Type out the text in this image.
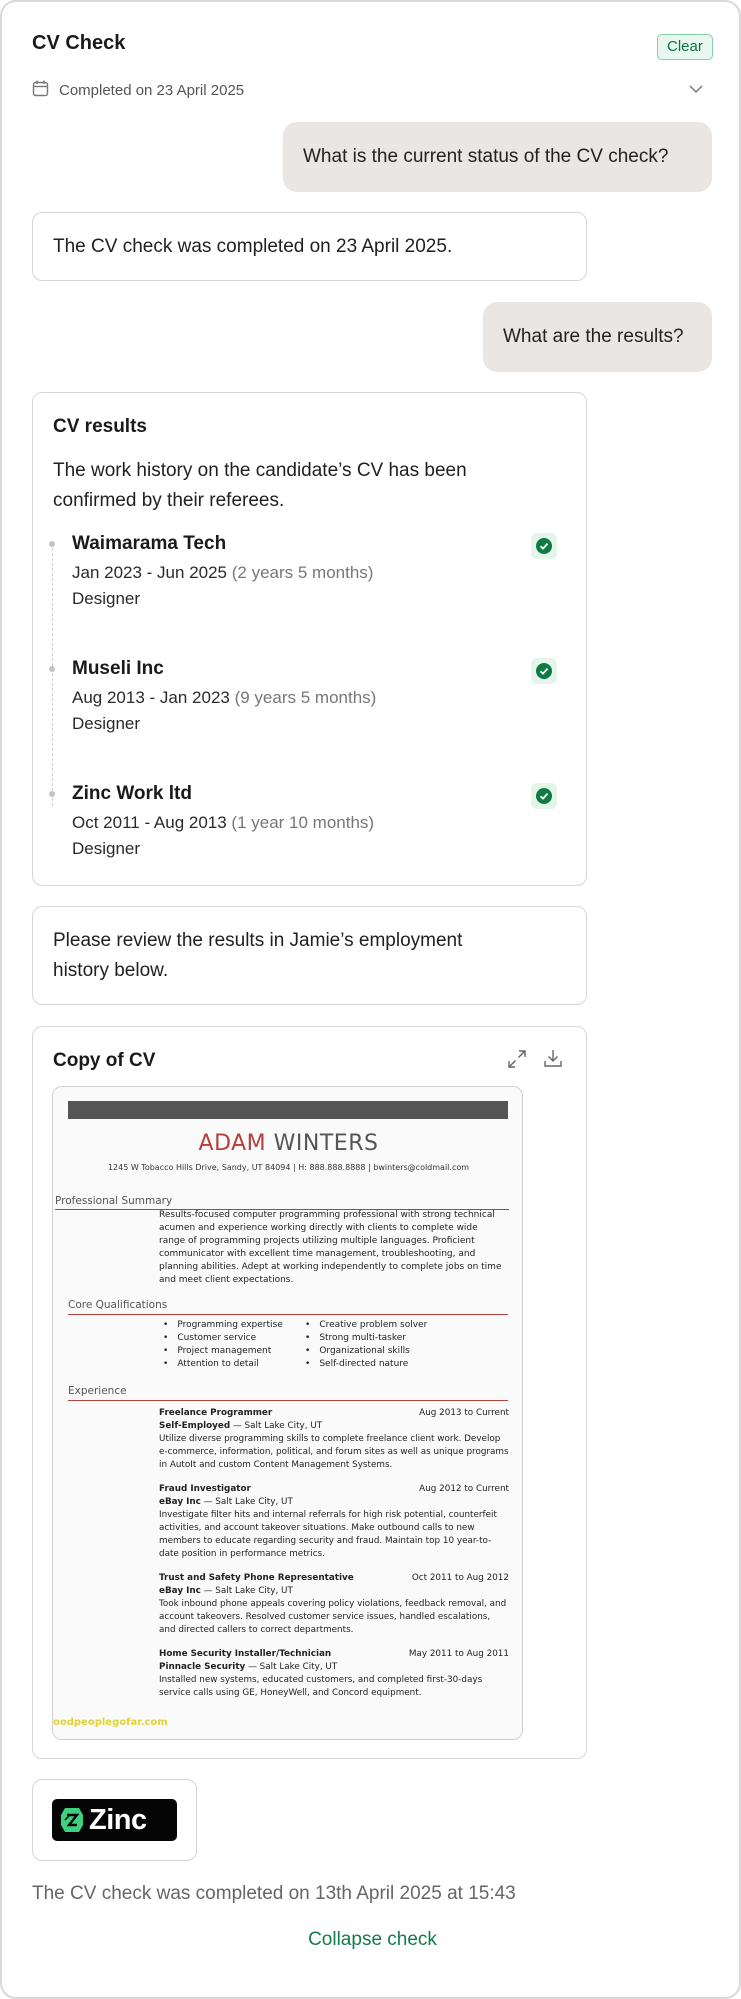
CV Check	Clear
Completed on 23 April 2025
What is the current status of the CV check?
The CV check was completed on 23 April 2025.
What are the results?
CV results
The work history on the candidate’s CV has been confirmed by their referees.
Waimarama Tech
Jan 2023 - Jun 2025 (2 years 5 months)
Designer
Museli Inc
Aug 2013 - Jan 2023 (9 years 5 months)
Designer
Zinc Work ltd
Oct 2011 - Aug 2013 (1 year 10 months)
Designer
Please review the results in Jamie’s employment history below.
Copy of CV
ADAM WINTERS
1245 W Tobacco Hills Drive, Sandy, UT 84094 | H: 888.888.8888 | bwinters@coldmail.com
Professional Summary
Results-focused computer programming professional with strong technical acumen and experience working directly with clients to complete wide range of programming projects utilizing multiple languages. Proficient communicator with excellent time management, troubleshooting, and planning abilities. Adept at working independently to complete jobs on time and meet client expectations.
Core Qualifications
• Programming expertise	• Creative problem solver
• Customer service	• Strong multi-tasker
• Project management	• Organizational skills
• Attention to detail	• Self-directed nature
Experience
Freelance Programmer	Aug 2013 to Current
Self-Employed — Salt Lake City, UT
Utilize diverse programming skills to complete freelance client work. Develop e-commerce, information, political, and forum sites as well as unique programs in AutoIt and custom Content Management Systems.
Fraud Investigator	Aug 2012 to Current
eBay Inc — Salt Lake City, UT
Investigate filter hits and internal referrals for high risk potential, counterfeit activities, and account takeover situations. Make outbound calls to new members to educate regarding security and fraud. Maintain top 10 year-to-date position in performance metrics.
Trust and Safety Phone Representative	Oct 2011 to Aug 2012
eBay Inc — Salt Lake City, UT
Took inbound phone appeals covering policy violations, feedback removal, and account takeovers. Resolved customer service issues, handled escalations, and directed callers to correct departments.
Home Security Installer/Technician	May 2011 to Aug 2011
Pinnacle Security — Salt Lake City, UT
Installed new systems, educated customers, and completed first-30-days service calls using GE, HoneyWell, and Concord equipment.
oodpeoplegofar.com
Zinc
The CV check was completed on 13th April 2025 at 15:43
Collapse check
